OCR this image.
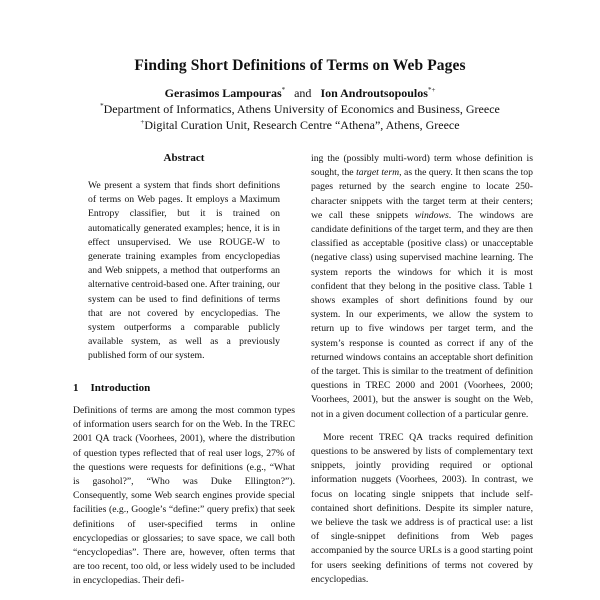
Finding Short Definitions of Terms on Web Pages
Gerasimos Lampouras* and Ion Androutsopoulos*+
*Department of Informatics, Athens University of Economics and Business, Greece
+Digital Curation Unit, Research Centre “Athena”, Athens, Greece
Abstract
We present a system that finds short definitions of terms on Web pages. It employs a Maximum Entropy classifier, but it is trained on automatically generated examples; hence, it is in effect unsupervised. We use ROUGE-W to generate training examples from encyclopedias and Web snippets, a method that outperforms an alternative centroid-based one. After training, our system can be used to find definitions of terms that are not covered by encyclopedias. The system outperforms a comparable publicly available system, as well as a previously published form of our system.
1 Introduction
Definitions of terms are among the most common types of information users search for on the Web. In the TREC 2001 QA track (Voorhees, 2001), where the distribution of question types reflected that of real user logs, 27% of the questions were requests for definitions (e.g., “What is gasohol?”, “Who was Duke Ellington?”). Consequently, some Web search engines provide special facilities (e.g., Google’s “define:” query prefix) that seek definitions of user-specified terms in online encyclopedias or glossaries; to save space, we call both “encyclopedias”. There are, however, often terms that are too recent, too old, or less widely used to be included in encyclopedias. Their defi-

ing the (possibly multi-word) term whose definition is sought, the target term, as the query. It then scans the top pages returned by the search engine to locate 250-character snippets with the target term at their centers; we call these snippets windows. The windows are candidate definitions of the target term, and they are then classified as acceptable (positive class) or unacceptable (negative class) using supervised machine learning. The system reports the windows for which it is most confident that they belong in the positive class. Table 1 shows examples of short definitions found by our system. In our experiments, we allow the system to return up to five windows per target term, and the system’s response is counted as correct if any of the returned windows contains an acceptable short definition of the target. This is similar to the treatment of definition questions in TREC 2000 and 2001 (Voorhees, 2000; Voorhees, 2001), but the answer is sought on the Web, not in a given document collection of a particular genre.

More recent TREC QA tracks required definition questions to be answered by lists of complementary text snippets, jointly providing required or optional information nuggets (Voorhees, 2003). In contrast, we focus on locating single snippets that include self-contained short definitions. Despite its simpler nature, we believe the task we address is of practical use: a list of single-snippet definitions from Web pages accompanied by the source URLs is a good starting point for users seeking definitions of terms not covered by encyclopedias.
